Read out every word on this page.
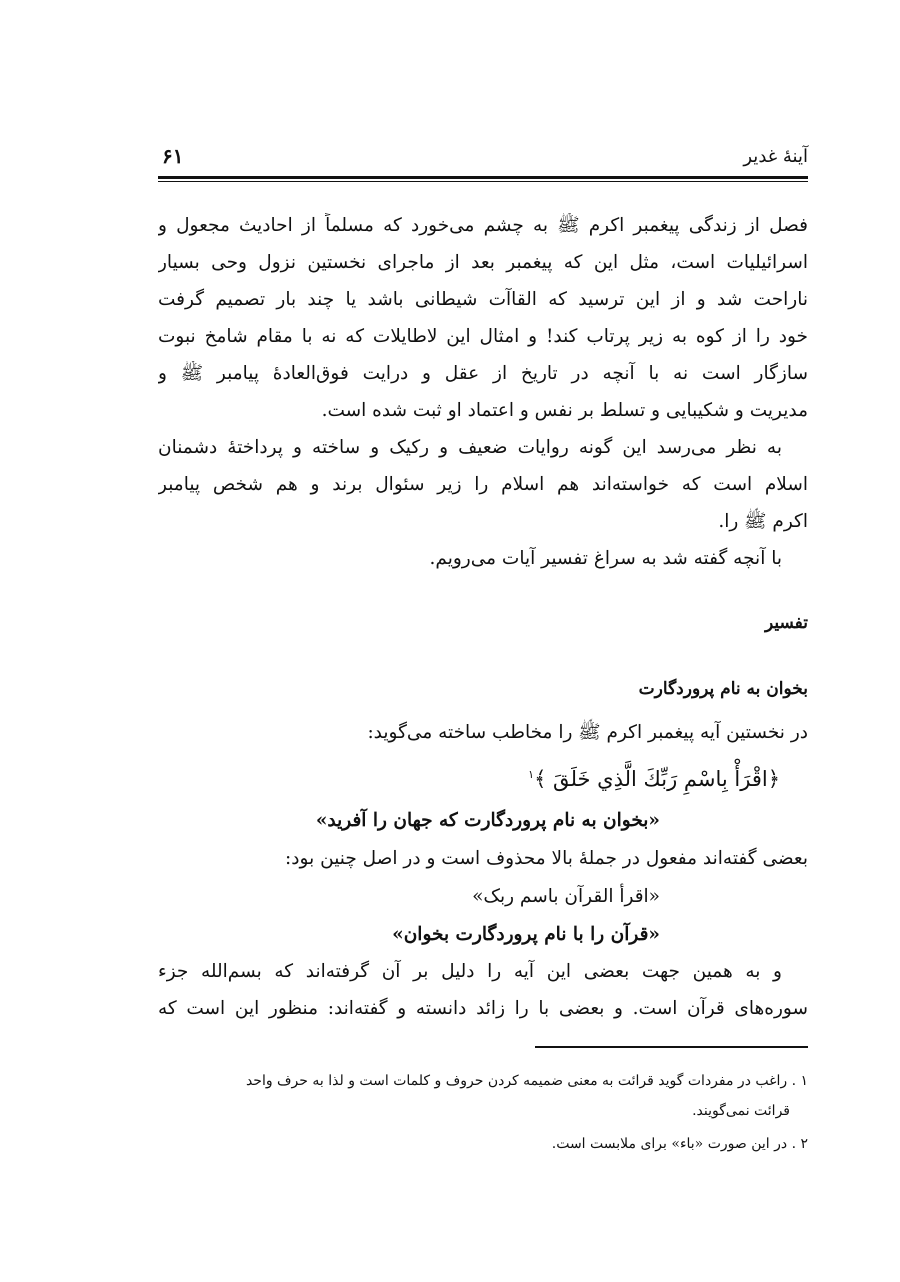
آینهٔ غدیر
۶۱
فصل از زندگی پیغمبر اکرم ﷺ به چشم می‌خورد که مسلماً از احادیث مجعول و
اسرائیلیات است، مثل این که پیغمبر بعد از ماجرای نخستین نزول وحی بسیار
ناراحت شد و از این ترسید که القاآت شیطانی باشد یا چند بار تصمیم گرفت
خود را از کوه به زیر پرتاب کند! و امثال این لاطایلات که نه با مقام شامخ نبوت
سازگار است نه با آنچه در تاریخ از عقل و درایت فوق‌العادهٔ پیامبر ﷺ و
مدیریت و شکیبایی و تسلط بر نفس و اعتماد او ثبت شده است.
به نظر می‌رسد این گونه روایات ضعیف و رکیک و ساخته و پرداختهٔ دشمنان
اسلام است که خواسته‌اند هم اسلام را زیر سئوال برند و هم شخص پیامبر
اکرم ﷺ را.
با آنچه گفته شد به سراغ تفسیر آیات می‌رویم.
تفسیر
بخوان به نام پروردگارت
در نخستین آیه پیغمبر اکرم ﷺ را مخاطب ساخته می‌گوید:
﴿اقْرَأْ بِاسْمِ رَبِّكَ الَّذِي خَلَقَ ﴾$^۱$
«بخوان به نام پروردگارت که جهان را آفرید»
بعضی گفته‌اند مفعول در جملهٔ بالا محذوف است و در اصل چنین بود:
«اقرأ القرآن باسم ربک»
«قرآن را با نام پروردگارت بخوان»
و به همین جهت بعضی این آیه را دلیل بر آن گرفته‌اند که بسم‌الله جزء
سوره‌های قرآن است. و بعضی با را زائد دانسته و گفته‌اند: منظور این است که
۱ . راغب در مفردات گوید قرائت به معنی ضمیمه کردن حروف و کلمات است و لذا به حرف واحد
قرائت نمی‌گویند.
۲ . در این صورت «باء» برای ملابست است.
